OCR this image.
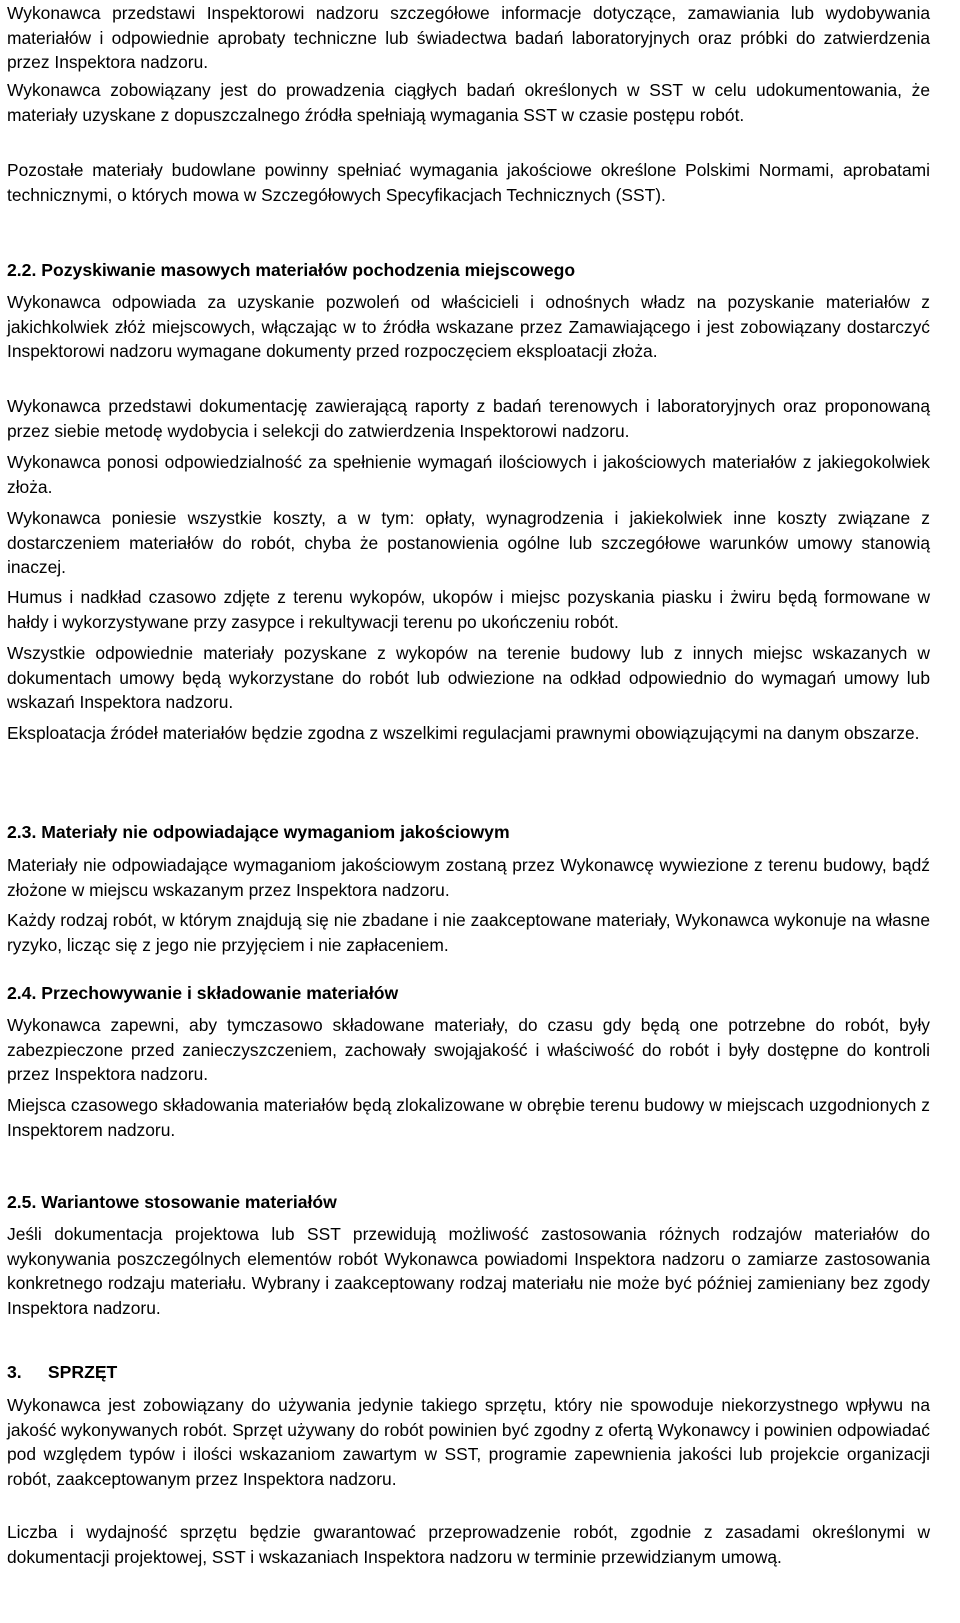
Wykonawca przedstawi Inspektorowi nadzoru szczegółowe informacje dotyczące, zamawiania lub wydobywania materiałów i odpowiednie aprobaty techniczne lub świadectwa badań laboratoryjnych oraz próbki do zatwierdzenia przez Inspektora nadzoru.

Wykonawca zobowiązany jest do prowadzenia ciągłych badań określonych w SST w celu udokumentowania, że materiały uzyskane z dopuszczalnego źródła spełniają wymagania SST w czasie postępu robót.

Pozostałe materiały budowlane powinny spełniać wymagania jakościowe określone Polskimi Normami, aprobatami technicznymi, o których mowa w Szczegółowych Specyfikacjach Technicznych (SST).

2.2. Pozyskiwanie masowych materiałów pochodzenia miejscowego

Wykonawca odpowiada za uzyskanie pozwoleń od właścicieli i odnośnych władz na pozyskanie materiałów z jakichkolwiek złóż miejscowych, włączając w to źródła wskazane przez Zamawiającego i jest zobowiązany dostarczyć Inspektorowi nadzoru wymagane dokumenty przed rozpoczęciem eksploatacji złoża.

Wykonawca przedstawi dokumentację zawierającą raporty z badań terenowych i laboratoryjnych oraz proponowaną przez siebie metodę wydobycia i selekcji do zatwierdzenia Inspektorowi nadzoru.

Wykonawca ponosi odpowiedzialność za spełnienie wymagań ilościowych i jakościowych materiałów z jakiegokolwiek złoża.

Wykonawca poniesie wszystkie koszty, a w tym: opłaty, wynagrodzenia i jakiekolwiek inne koszty związane z dostarczeniem materiałów do robót, chyba że postanowienia ogólne lub szczegółowe warunków umowy stanowią inaczej.

Humus i nadkład czasowo zdjęte z terenu wykopów, ukopów i miejsc pozyskania piasku i żwiru będą formowane w hałdy i wykorzystywane przy zasypce i rekultywacji terenu po ukończeniu robót.

Wszystkie odpowiednie materiały pozyskane z wykopów na terenie budowy lub z innych miejsc wskazanych w dokumentach umowy będą wykorzystane do robót lub odwiezione na odkład odpowiednio do wymagań umowy lub wskazań Inspektora nadzoru.

Eksploatacja źródeł materiałów będzie zgodna z wszelkimi regulacjami prawnymi obowiązującymi na danym obszarze.

2.3. Materiały nie odpowiadające wymaganiom jakościowym

Materiały nie odpowiadające wymaganiom jakościowym zostaną przez Wykonawcę wywiezione z terenu budowy, bądź złożone w miejscu wskazanym przez Inspektora nadzoru.

Każdy rodzaj robót, w którym znajdują się nie zbadane i nie zaakceptowane materiały, Wykonawca wykonuje na własne ryzyko, licząc się z jego nie przyjęciem i nie zapłaceniem.

2.4. Przechowywanie i składowanie materiałów

Wykonawca zapewni, aby tymczasowo składowane materiały, do czasu gdy będą one potrzebne do robót, były zabezpieczone przed zanieczyszczeniem, zachowały swojąjakość i właściwość do robót i były dostępne do kontroli przez Inspektora nadzoru.

Miejsca czasowego składowania materiałów będą zlokalizowane w obrębie terenu budowy w miejscach uzgodnionych z Inspektorem nadzoru.

2.5. Wariantowe stosowanie materiałów

Jeśli dokumentacja projektowa lub SST przewidują możliwość zastosowania różnych rodzajów materiałów do wykonywania poszczególnych elementów robót Wykonawca powiadomi Inspektora nadzoru o zamiarze zastosowania konkretnego rodzaju materiału. Wybrany i zaakceptowany rodzaj materiału nie może być później zamieniany bez zgody Inspektora nadzoru.

3. SPRZĘT

Wykonawca jest zobowiązany do używania jedynie takiego sprzętu, który nie spowoduje niekorzystnego wpływu na jakość wykonywanych robót. Sprzęt używany do robót powinien być zgodny z ofertą Wykonawcy i powinien odpowiadać pod względem typów i ilości wskazaniom zawartym w SST, programie zapewnienia jakości lub projekcie organizacji robót, zaakceptowanym przez Inspektora nadzoru.

Liczba i wydajność sprzętu będzie gwarantować przeprowadzenie robót, zgodnie z zasadami określonymi w dokumentacji projektowej, SST i wskazaniach Inspektora nadzoru w terminie przewidzianym umową.
